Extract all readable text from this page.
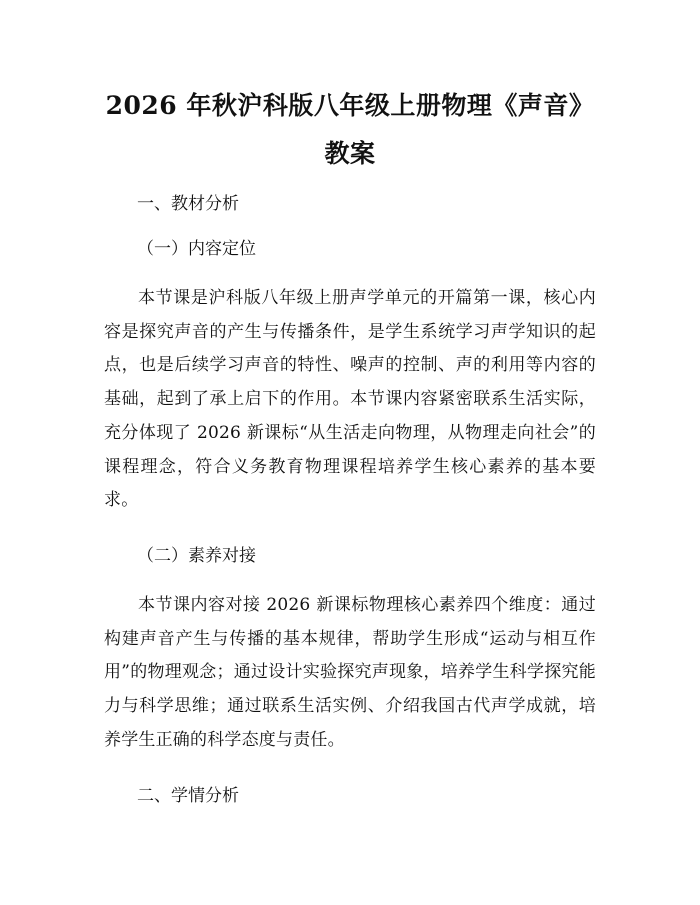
2026 年秋沪科版八年级上册物理《声音》教案
一、教材分析
（一）内容定位

本节课是沪科版八年级上册声学单元的开篇第一课，核心内容是探究声音的产生与传播条件，是学生系统学习声学知识的起点，也是后续学习声音的特性、噪声的控制、声的利用等内容的基础，起到了承上启下的作用。本节课内容紧密联系生活实际，充分体现了 2026 新课标“从生活走向物理，从物理走向社会”的课程理念，符合义务教育物理课程培养学生核心素养的基本要求。

（二）素养对接

本节课内容对接 2026 新课标物理核心素养四个维度：通过构建声音产生与传播的基本规律，帮助学生形成“运动与相互作用”的物理观念；通过设计实验探究声现象，培养学生科学探究能力与科学思维；通过联系生活实例、介绍我国古代声学成就，培养学生正确的科学态度与责任。

二、学情分析
